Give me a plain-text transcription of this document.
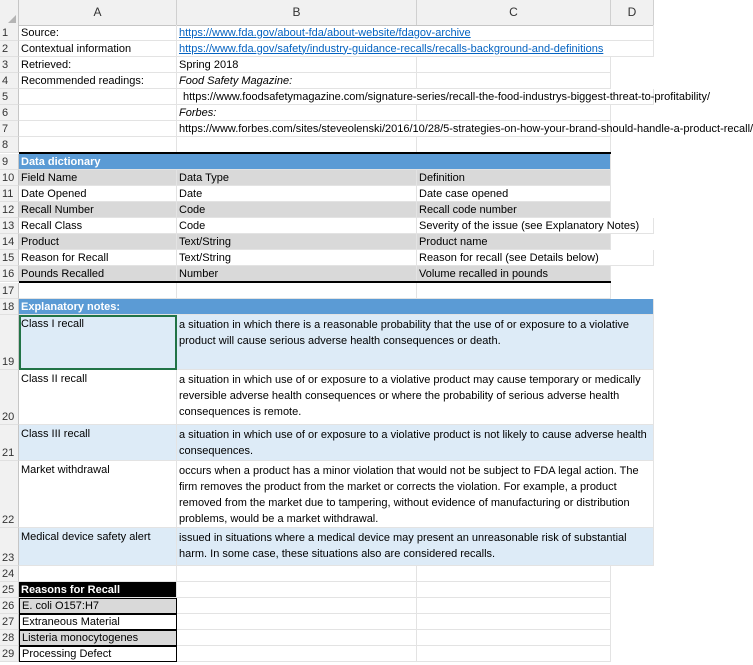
A	B	C	D
1	Source:	https://www.fda.gov/about-fda/about-website/fdagov-archive
2	Contextual information	https://www.fda.gov/safety/industry-guidance-recalls/recalls-background-and-definitions
3	Retrieved:	Spring 2018
4	Recommended readings:	Food Safety Magazine:
5	https://www.foodsafetymagazine.com/signature-series/recall-the-food-industrys-biggest-threat-to-profitability/
6	Forbes:
7	https://www.forbes.com/sites/steveolenski/2016/10/28/5-strategies-on-how-your-brand-should-handle-a-product-recall/
8
9	Data dictionary
10 Field Name	Data Type	Definition
11 Date Opened	Date	Date case opened
12 Recall Number	Code	Recall code number
13 Recall Class	Code	Severity of the issue (see Explanatory Notes)
14 Product	Text/String	Product name
15 Reason for Recall	Text/String	Reason for recall (see Details below)
16 Pounds Recalled	Number	Volume recalled in pounds
17
18 Explanatory notes:
19
Class I recall	a situation in which there is a reasonable probability that the use of or exposure to a violative product will cause serious adverse health consequences or death.
20
Class II recall	a situation in which use of or exposure to a violative product may cause temporary or medically reversible adverse health consequences or where the probability of serious adverse health consequences is remote.
21
Class III recall	a situation in which use of or exposure to a violative product is not likely to cause adverse health consequences.
22
Market withdrawal	occurs when a product has a minor violation that would not be subject to FDA legal action. The firm removes the product from the market or corrects the violation. For example, a product removed from the market due to tampering, without evidence of manufacturing or distribution problems, would be a market withdrawal.
23
Medical device safety alert	issued in situations where a medical device may present an unreasonable risk of substantial harm. In some case, these situations also are considered recalls.
24
25 Reasons for Recall
26 E. coli O157:H7
27 Extraneous Material
28 Listeria monocytogenes
29 Processing Defect
